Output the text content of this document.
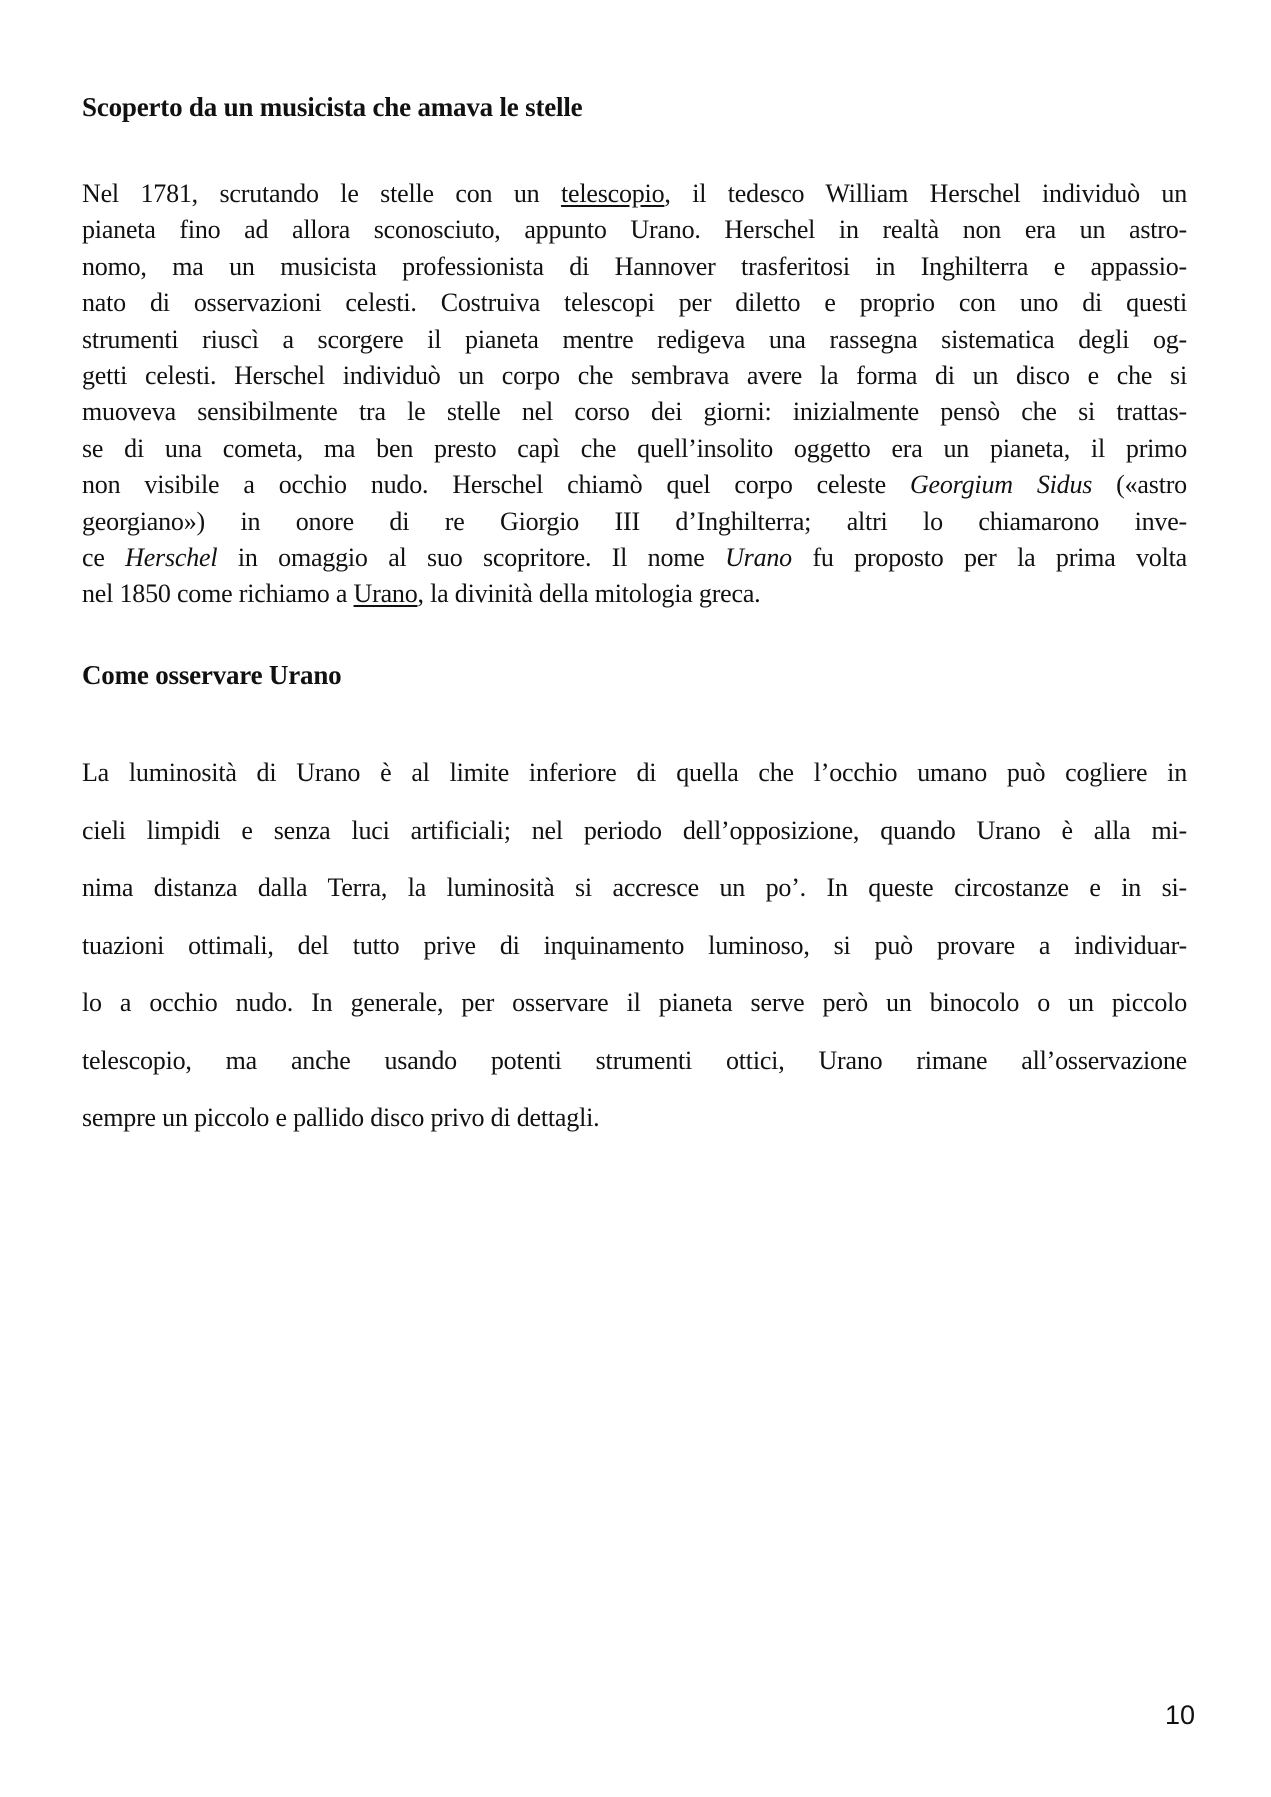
Scoperto da un musicista che amava le stelle
Nel 1781, scrutando le stelle con un telescopio, il tedesco William Herschel individuò un
pianeta fino ad allora sconosciuto, appunto Urano. Herschel in realtà non era un astro-
nomo, ma un musicista professionista di Hannover trasferitosi in Inghilterra e appassio-
nato di osservazioni celesti. Costruiva telescopi per diletto e proprio con uno di questi
strumenti riuscì a scorgere il pianeta mentre redigeva una rassegna sistematica degli og-
getti celesti. Herschel individuò un corpo che sembrava avere la forma di un disco e che si
muoveva sensibilmente tra le stelle nel corso dei giorni: inizialmente pensò che si trattas-
se di una cometa, ma ben presto capì che quell’insolito oggetto era un pianeta, il primo
non visibile a occhio nudo. Herschel chiamò quel corpo celeste Georgium Sidus («astro
georgiano») in onore di re Giorgio III d’Inghilterra; altri lo chiamarono inve-
ce Herschel in omaggio al suo scopritore. Il nome Urano fu proposto per la prima volta
nel 1850 come richiamo a Urano, la divinità della mitologia greca.
Come osservare Urano
La luminosità di Urano è al limite inferiore di quella che l’occhio umano può cogliere in
cieli limpidi e senza luci artificiali; nel periodo dell’opposizione, quando Urano è alla mi-
nima distanza dalla Terra, la luminosità si accresce un po’. In queste circostanze e in si-
tuazioni ottimali, del tutto prive di inquinamento luminoso, si può provare a individuar-
lo a occhio nudo. In generale, per osservare il pianeta serve però un binocolo o un piccolo
telescopio, ma anche usando potenti strumenti ottici, Urano rimane all’osservazione
sempre un piccolo e pallido disco privo di dettagli.
10
